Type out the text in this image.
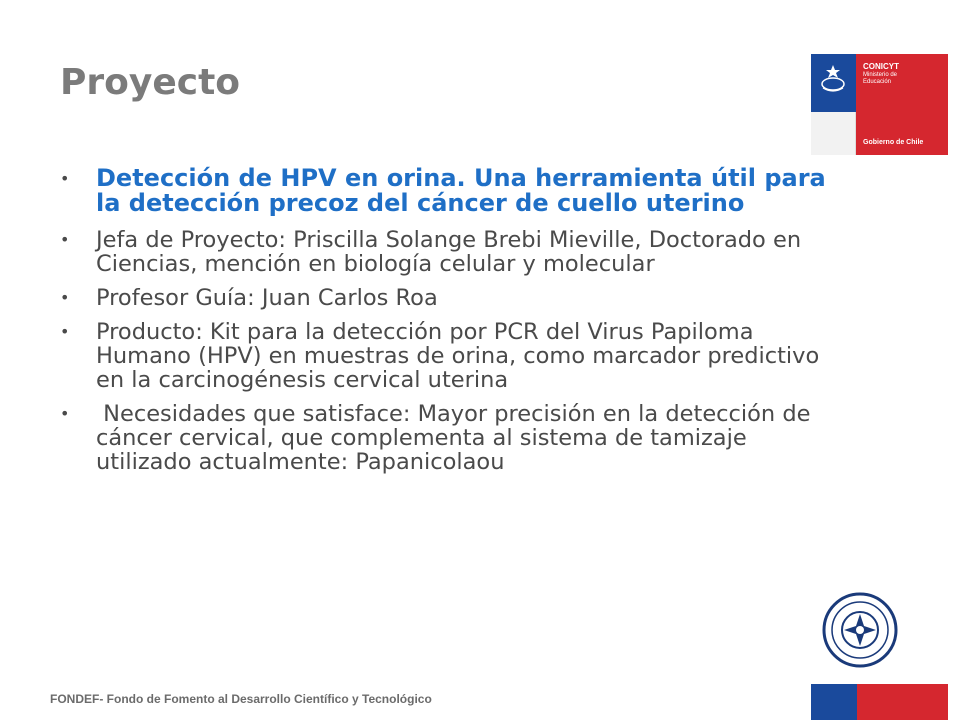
Proyecto	CONICYT
Ministerio de Educación
Gobierno de Chile
• Detección de HPV en orina. Una herramienta útil para la detección precoz del cáncer de cuello uterino
• Jefa de Proyecto: Priscilla Solange Brebi Mieville, Doctorado en Ciencias, mención en biología celular y molecular
• Profesor Guía: Juan Carlos Roa
• Producto: Kit para la detección por PCR del Virus Papiloma Humano (HPV) en muestras de orina, como marcador predictivo en la carcinogénesis cervical uterina
• Necesidades que satisface: Mayor precisión en la detección de cáncer cervical, que complementa al sistema de tamizaje utilizado actualmente: Papanicolaou
FONDEF- Fondo de Fomento al Desarrollo Científico y Tecnológico
